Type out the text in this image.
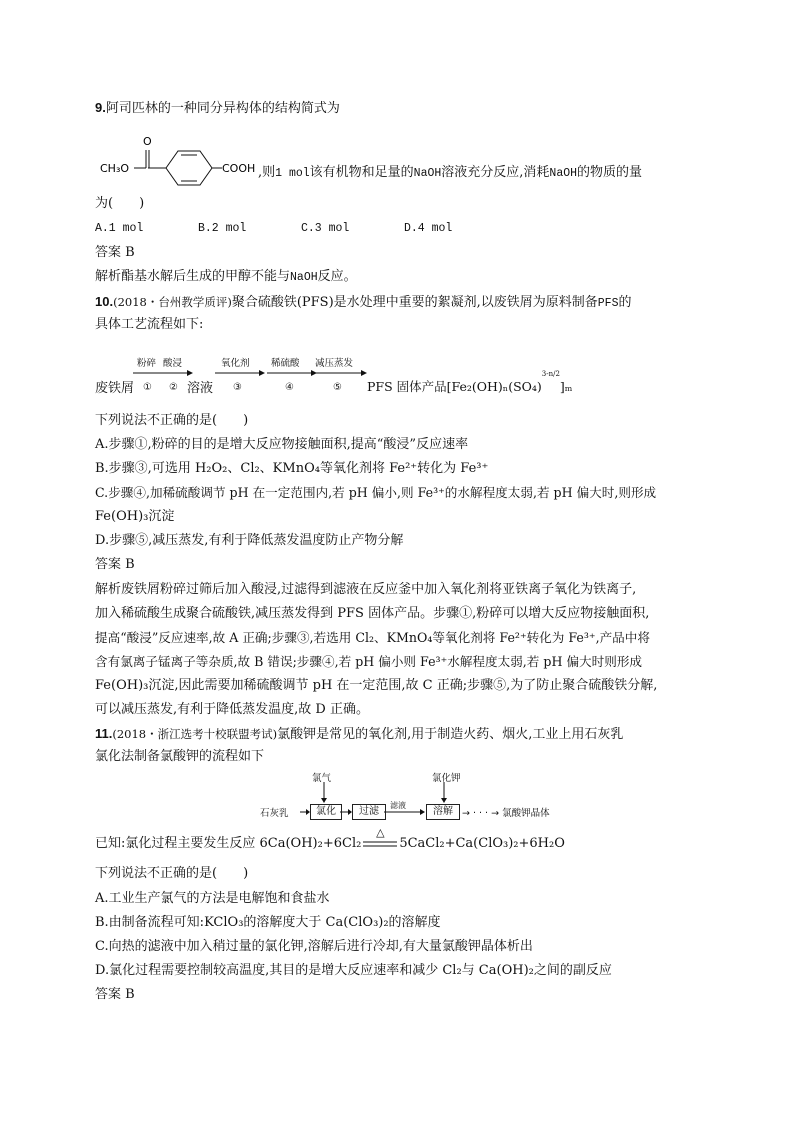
9.阿司匹林的一种同分异构体的结构简式为
CH₃O
O
COOH ,则1 mol该有机物和足量的NaOH溶液充分反应,消耗NaOH的物质的量
为(　　)
A.1 mol	B.2 mol	C.3 mol	D.4 mol
答案 B
解析酯基水解后生成的甲醇不能与NaOH反应。
10.(2018・台州教学质评)聚合硫酸铁(PFS)是水处理中重要的絮凝剂,以废铁屑为原料制备PFS的
具体工艺流程如下:
废铁屑
粉碎 酸浸
① ② 溶液
氧化剂
③
稀硫酸
④
减压蒸发
⑤ PFS 固体产品$[Fe_2(OH)_n(SO_4)^{3-n/2}]_m$
下列说法不正确的是(　　)
A.步骤①,粉碎的目的是增大反应物接触面积,提高“酸浸”反应速率
B.步骤③,可选用 H₂O₂、Cl₂、KMnO₄等氧化剂将 Fe²⁺转化为 Fe³⁺
C.步骤④,加稀硫酸调节 pH 在一定范围内,若 pH 偏小,则 Fe³⁺的水解程度太弱,若 pH 偏大时,则形成
Fe(OH)₃沉淀
D.步骤⑤,减压蒸发,有利于降低蒸发温度防止产物分解
答案 B
解析废铁屑粉碎过筛后加入酸浸,过滤得到滤液在反应釜中加入氧化剂将亚铁离子氧化为铁离子,
加入稀硫酸生成聚合硫酸铁,减压蒸发得到 PFS 固体产品。步骤①,粉碎可以增大反应物接触面积,
提高“酸浸”反应速率,故 A 正确;步骤③,若选用 Cl₂、KMnO₄等氧化剂将 Fe²⁺转化为 Fe³⁺,产品中将
含有氯离子锰离子等杂质,故 B 错误;步骤④,若 pH 偏小则 Fe³⁺水解程度太弱,若 pH 偏大时则形成
Fe(OH)₃沉淀,因此需要加稀硫酸调节 pH 在一定范围,故 C 正确;步骤⑤,为了防止聚合硫酸铁分解,
可以减压蒸发,有利于降低蒸发温度,故 D 正确。
11.(2018・浙江选考十校联盟考试)氯酸钾是常见的氧化剂,用于制造火药、烟火,工业上用石灰乳
氯化法制备氯酸钾的流程如下
氯气	氯化钾
石灰乳	氯化	过滤
滤液
溶解 → · · · → 氯酸钾晶体
已知:氯化过程主要发生反应 6Ca(OH)₂+6Cl₂
△
5CaCl₂+Ca(ClO₃)₂+6H₂O
下列说法不正确的是(　　)
A.工业生产氯气的方法是电解饱和食盐水
B.由制备流程可知:KClO₃的溶解度大于 Ca(ClO₃)₂的溶解度
C.向热的滤液中加入稍过量的氯化钾,溶解后进行冷却,有大量氯酸钾晶体析出
D.氯化过程需要控制较高温度,其目的是增大反应速率和减少 Cl₂与 Ca(OH)₂之间的副反应
答案 B
